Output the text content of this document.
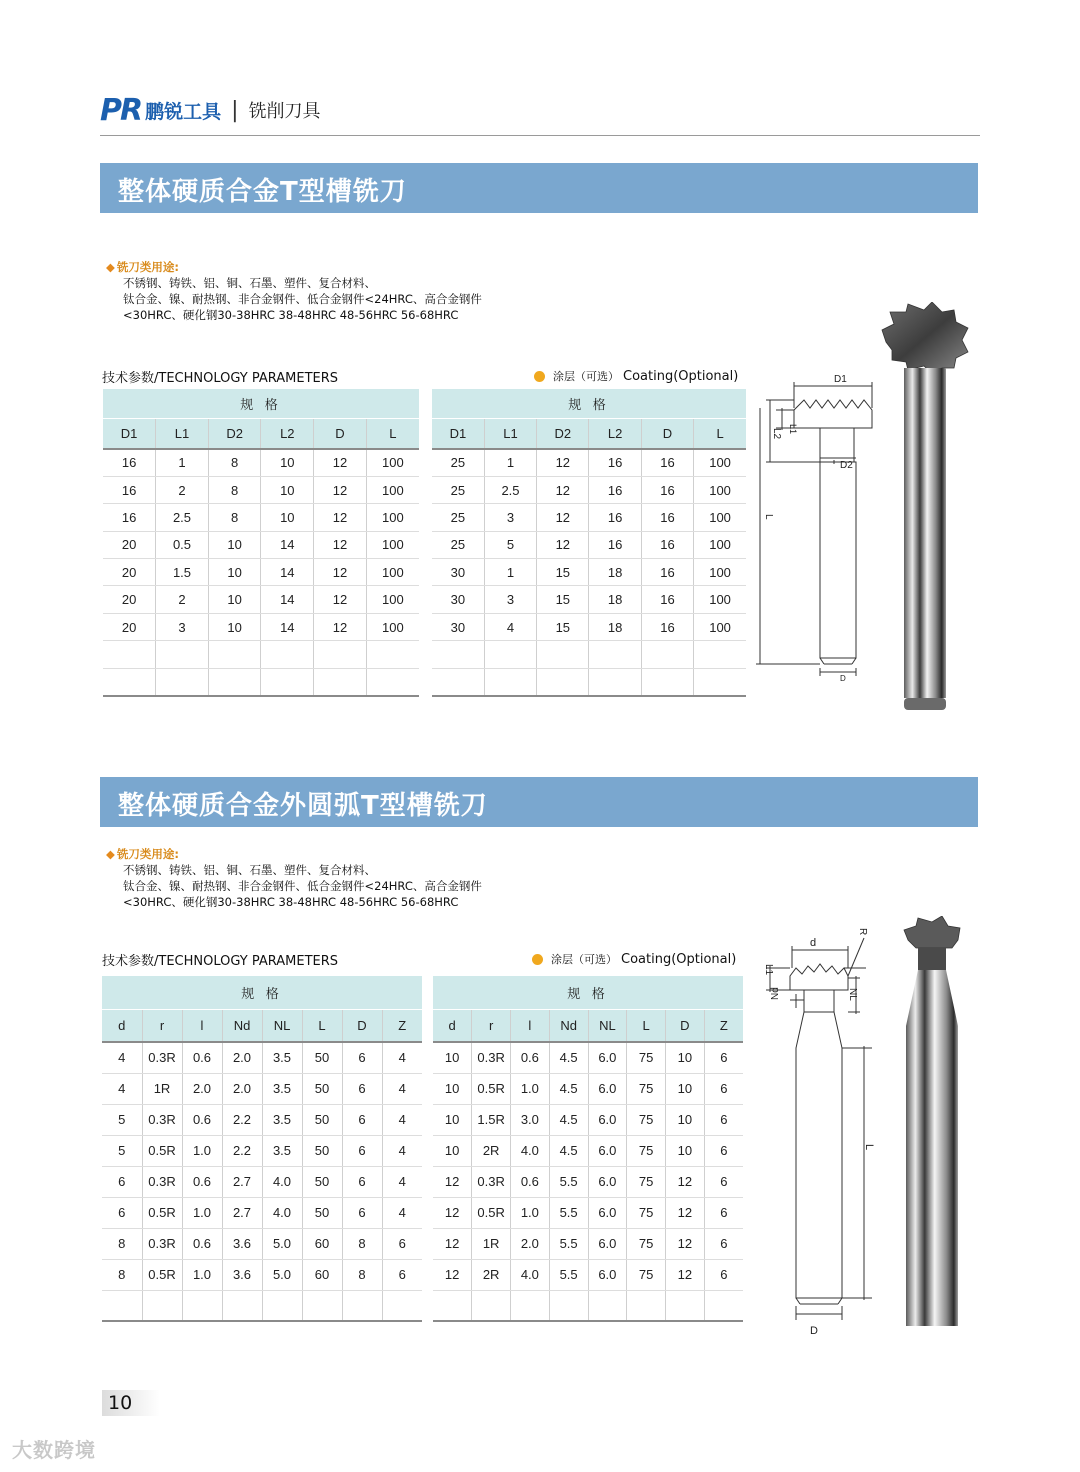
PR 鹏锐工具 | 铣削刀具
整体硬质合金T型槽铣刀
◆ 铣刀类用途:
不锈钢、铸铁、铝、铜、石墨、塑件、复合材料、
钛合金、镍、耐热钢、非合金钢件、低合金钢件<24HRC、高合金钢件
<30HRC、硬化钢30-38HRC 38-48HRC 48-56HRC 56-68HRC
技术参数/TECHNOLOGY PARAMETERS	涂层（可选） Coating(Optional)
规 格					
D1	L1	D2	L2	D	L
16	1	8	10	12	100
16	2	8	10	12	100
16	2.5	8	10	12	100
20	0.5	10	14	12	100
20	1.5	10	14	12	100
20	2	10	14	12	100
20	3	10	14	12	100

规 格					
D1	L1	D2	L2	D	L
25	1	12	16	16	100
25	2.5	12	16	16	100
25	3	12	16	16	100
25	5	12	16	16	100
30	1	15	18	16	100
30	3	15	18	16	100
30	4	15	18	16	100

D1
L1
L2
D2
L
D
整体硬质合金外圆弧T型槽铣刀
◆ 铣刀类用途:
不锈钢、铸铁、铝、铜、石墨、塑件、复合材料、
钛合金、镍、耐热钢、非合金钢件、低合金钢件<24HRC、高合金钢件
<30HRC、硬化钢30-38HRC 38-48HRC 48-56HRC 56-68HRC
技术参数/TECHNOLOGY PARAMETERS	涂层（可选） Coating(Optional)
规 格							
d	r	l	Nd	NL	L	D	Z
4	0.3R	0.6	2.0	3.5	50	6	4
4	1R	2.0	2.0	3.5	50	6	4
5	0.3R	0.6	2.2	3.5	50	6	4
5	0.5R	1.0	2.2	3.5	50	6	4
6	0.3R	0.6	2.7	4.0	50	6	4
6	0.5R	1.0	2.7	4.0	50	6	4
8	0.3R	0.6	3.6	5.0	60	8	6
8	0.5R	1.0	3.6	5.0	60	8	6

规 格							
d	r	l	Nd	NL	L	D	Z
10	0.3R	0.6	4.5	6.0	75	10	6
10	0.5R	1.0	4.5	6.0	75	10	6
10	1.5R	3.0	4.5	6.0	75	10	6
10	2R	4.0	4.5	6.0	75	10	6
12	0.3R	0.6	5.5	6.0	75	12	6
12	0.5R	1.0	5.5	6.0	75	12	6
12	1R	2.0	5.5	6.0	75	12	6
12	2R	4.0	5.5	6.0	75	12	6

d
R
L1
Nd	NL
L
D
10
大数跨境
